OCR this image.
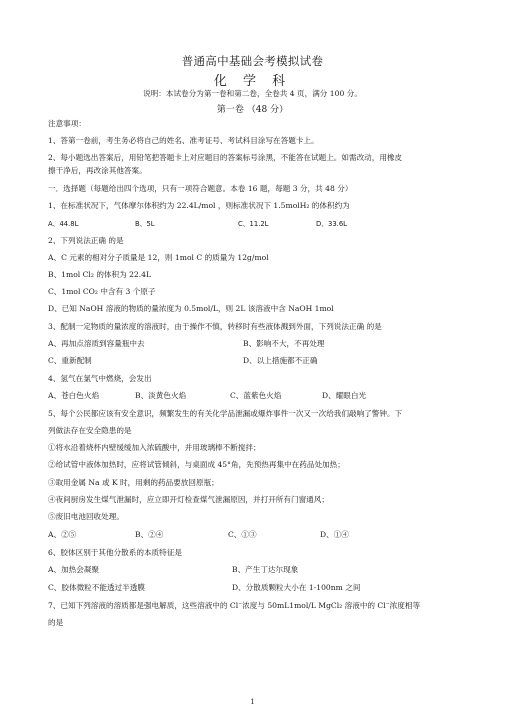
普通高中基础会考模拟试卷
化 学 科
说明：本试卷分为第一卷和第二卷，全卷共 4 页，满分 100 分。
第一卷 （48 分）
注意事项：
1、答第一卷前，考生务必将自己的姓名、准考证号、考试科目涂写在答题卡上。
2、每小题选出答案后，用铅笔把答题卡上对应题目的答案标号涂黑，不能答在试题上。如需改动，用橡皮
擦干净后，再改涂其他答案。
一．选择题（每题给出四个选项，只有一项符合题意。本卷 16 题，每题 3 分，共 48 分）
1、在标准状况下，气体摩尔体积约为 22.4L/mol ，则标准状况下 1.5molH₂ 的体积约为
A、44.8L	B、5L	C、11.2L	D、33.6L
2、下列说法正确 的是
A、C 元素的相对分子质量是 12，则 1mol C 的质量为 12g/mol
B、1mol Cl₂ 的体积为 22.4L
C、1mol CO₂ 中含有 3 个原子
D、已知 NaOH 溶液的物质的量浓度为 0.5mol/L，则 2L 该溶液中含 NaOH 1mol
3、配制一定物质的量浓度的溶液时，由于操作不慎，转移时有些液体溅到外面，下列说法正确 的是
A、再加点溶质到容量瓶中去	B、影响不大，不再处理
C、重新配制	D、以上措施都不正确
4、氢气在氯气中燃烧，会发出
A、苍白色火焰	B、淡黄色火焰	C、蓝紫色火焰	D、耀眼白光
5、每个公民都应该有安全意识，频繁发生的有关化学品泄漏或爆炸事件一次又一次给我们敲响了警钟。下
列做法存在安全隐患的是
①将水沿着烧杯内壁缓缓加入浓硫酸中，并用玻璃棒不断搅拌；
②给试管中液体加热时，应将试管倾斜，与桌面成 45°角，先预热再集中在药品处加热；
③取用金属 Na 或 K 时，用剩的药品要放回原瓶；
④夜间厨房发生煤气泄漏时，应立即开灯检查煤气泄漏原因，并打开所有门窗通风；
⑤废旧电池回收处理。
A、②⑤	B、②④	C、①③	D、①④
6、胶体区别于其他分散系的本质特征是
A、加热会凝聚	B、产生丁达尔现象
C、胶体微粒不能透过半透膜	D、分散质颗粒大小在 1-100nm 之间
7、已知下列溶液的溶质都是强电解质，这些溶液中的 Cl⁻浓度与 50mL1mol/L MgCl₂ 溶液中的 Cl⁻浓度相等
的是
1
